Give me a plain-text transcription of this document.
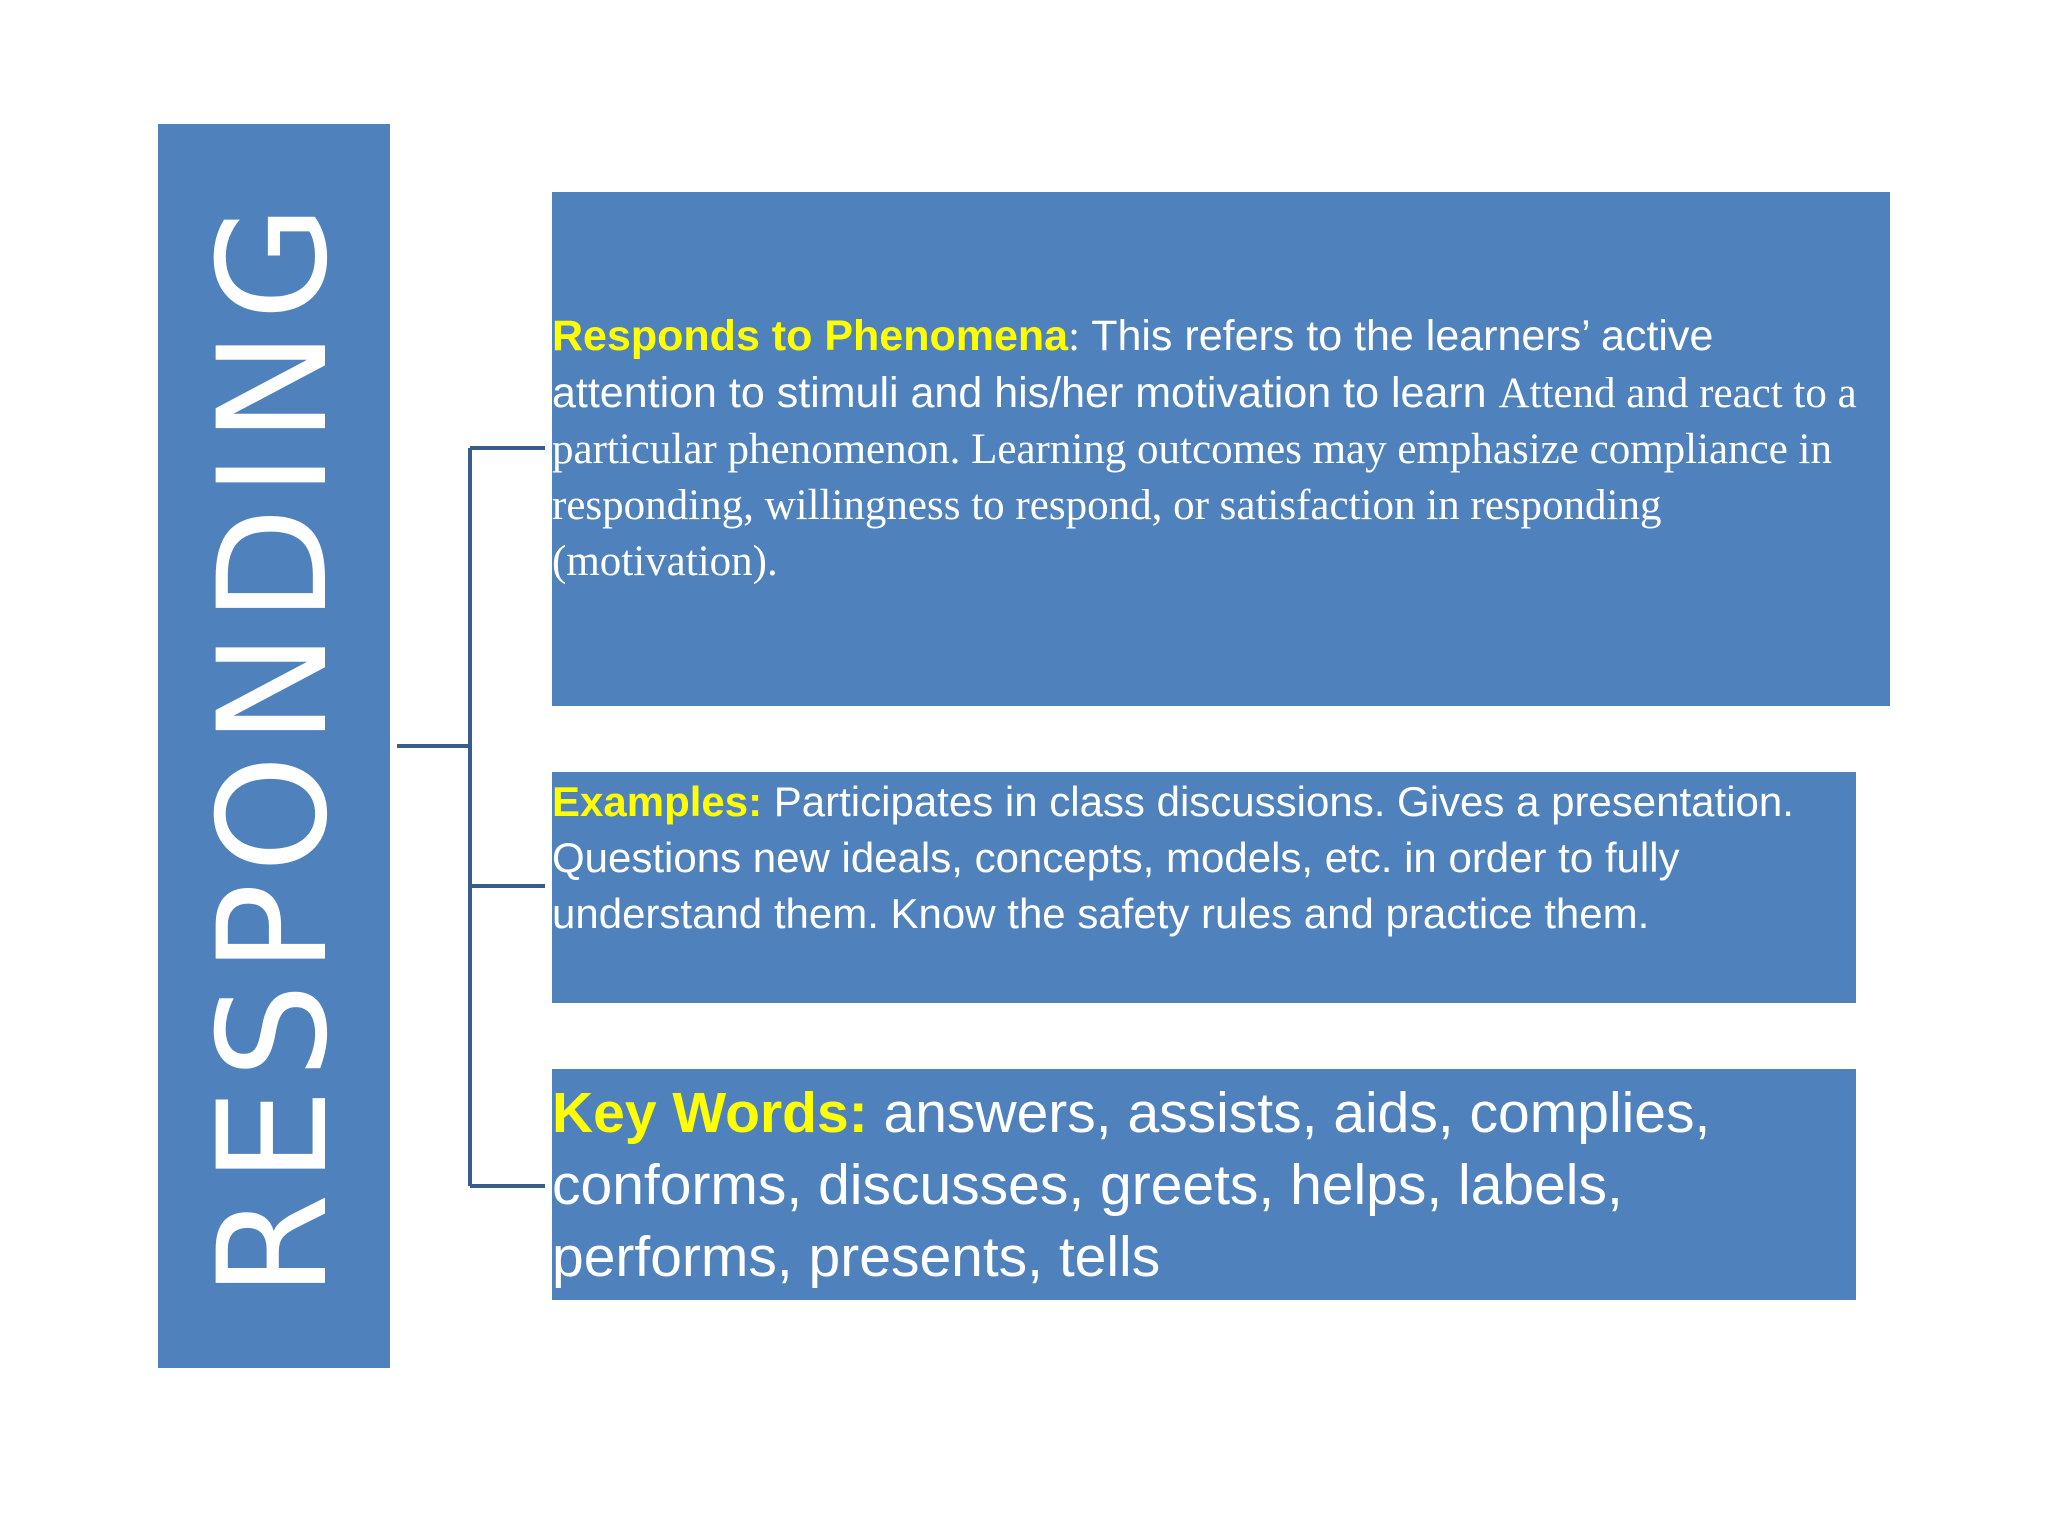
RESPONDING	Responds to Phenomena: This refers to the learners’ active attention to stimuli and his/her motivation to learn Attend and react to a particular phenomenon. Learning outcomes may emphasize compliance in responding, willingness to respond, or satisfaction in responding (motivation).

Examples: Participates in class discussions. Gives a presentation. Questions new ideals, concepts, models, etc. in order to fully understand them. Know the safety rules and practice them.

Key Words: answers, assists, aids, complies, conforms, discusses, greets, helps, labels, performs, presents, tells
